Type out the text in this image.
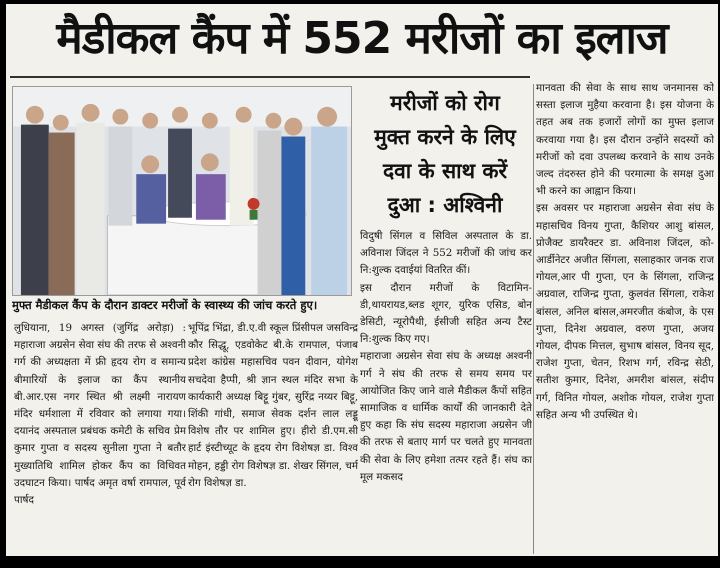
मैडीकल कैंप में 552 मरीजों का इलाज
मुफ्त मैडीकल कैंप के दौरान डाक्टर मरीजों के स्वास्थ्य की जांच करते हुए।
मरीजों को रोग
मुक्त करने के लिए
दवा के साथ करें
दुआ : अश्विनी

लुधियाना, 19 अगस्त (जुगिंद्र अरोड़ा) : महाराजा अग्रसेन सेवा संघ की तरफ से अश्वनी गर्ग की अध्यक्षता में फ्री हृदय रोग व समान्य बीमारियों के इलाज का कैंप स्थानीय बी.आर.एस नगर स्थित श्री लक्ष्मी नारायण मंदिर धर्मशाला में रविवार को लगाया गया। दयानंद अस्पताल प्रबंधक कमेटी के सचिव प्रेम कुमार गुप्ता व सदस्य सुनीला गुप्ता ने बतौर मुख्यातिथि शामिल होकर कैंप का विधिवत उदघाटन किया। पार्षद अमृत वर्षा रामपाल, पूर्व पार्षद

भूपिंद्र भिंद्रा, डी.ए.वी स्कूल प्रिंसीपल जसविन्द्र कौर सिद्धू, एडवोकेट बी.के रामपाल, पंजाब प्रदेश कांग्रेस महासचिव पवन दीवान, योगेश सचदेवा हैप्पी, श्री ज्ञान स्थल मंदिर सभा के कार्यकारी अध्यक्ष बिट्टू गुंबर, सुरिंद्र नय्यर बिट्टू, शिंकी गांधी, समाज सेवक दर्शन लाल लड्डू विशेष तौर पर शामिल हुए। हीरो डी.एम.सी हार्ट इंस्टीच्यूट के हृदय रोग विशेषज्ञ डा. विश्व मोहन, हड्डी रोग विशेषज्ञ डा. शेखर सिंगल, चर्म रोग विशेषज्ञ डा.

विदुषी सिंगल व सिविल अस्पताल के डा. अविनाश जिंदल ने 552 मरीजों की जांच कर नि:शुल्क दवाईयां वितरित कीं।

इस दौरान मरीजों के विटामिन-डी,थायरायड,ब्लड शूगर, युरिक एसिड, बोन डेसिटी, न्यूरोपैथी, ईसीजी सहित अन्य टैस्ट नि:शुल्क किए गए।

महाराजा अग्रसेन सेवा संघ के अध्यक्ष अश्वनी गर्ग ने संघ की तरफ से समय समय पर आयोजित किए जाने वाले मैडीकल कैंपों सहित सामाजिक व धार्मिक कार्यों की जानकारी देते हुए कहा कि संघ सदस्य महाराजा अग्रसेन जी की तरफ से बताए मार्ग पर चलते हुए मानवता की सेवा के लिए हमेशा तत्पर रहते हैं। संघ का मूल मकसद

मानवता की सेवा के साथ साथ जनमानस को सस्ता इलाज मुहैया करवाना है। इस योजना के तहत अब तक हजारों लोगों का मुफ्त इलाज करवाया गया है। इस दौरान उन्होंने सदस्यों को मरीजों को दवा उपलब्ध करवाने के साथ उनके जल्द तंदरुस्त होने की परमात्मा के समक्ष दुआ भी करने का आह्वान किया।

इस अवसर पर महाराजा अग्रसेन सेवा संघ के महासचिव विनय गुप्ता, कैशियर आशु बांसल, प्रोजैक्ट डायरैक्टर डा. अविनाश जिंदल, को-आर्डीनेटर अजीत सिंगला, सलाहकार जनक राज गोयल,आर पी गुप्ता, एन के सिंगला, राजिन्द्र अग्रवाल, राजिन्द्र गुप्ता, कुलवंत सिंगला, राकेश बांसल, अनिल बांसल,अमरजीत कंबोज, के एस गुप्ता, दिनेश अग्रवाल, वरुण गुप्ता, अजय गोयल, दीपक मित्तल, सुभाष बांसल, विनय सूद, राजेश गुप्ता, चेतन, रिशभ गर्ग, रविन्द्र सेठी, सतीश कुमार, दिनेश, अमरीश बांसल, संदीप गर्ग, विनित गोयल, अशोक गोयल, राजेश गुप्ता सहित अन्य भी उपस्थित थे।
